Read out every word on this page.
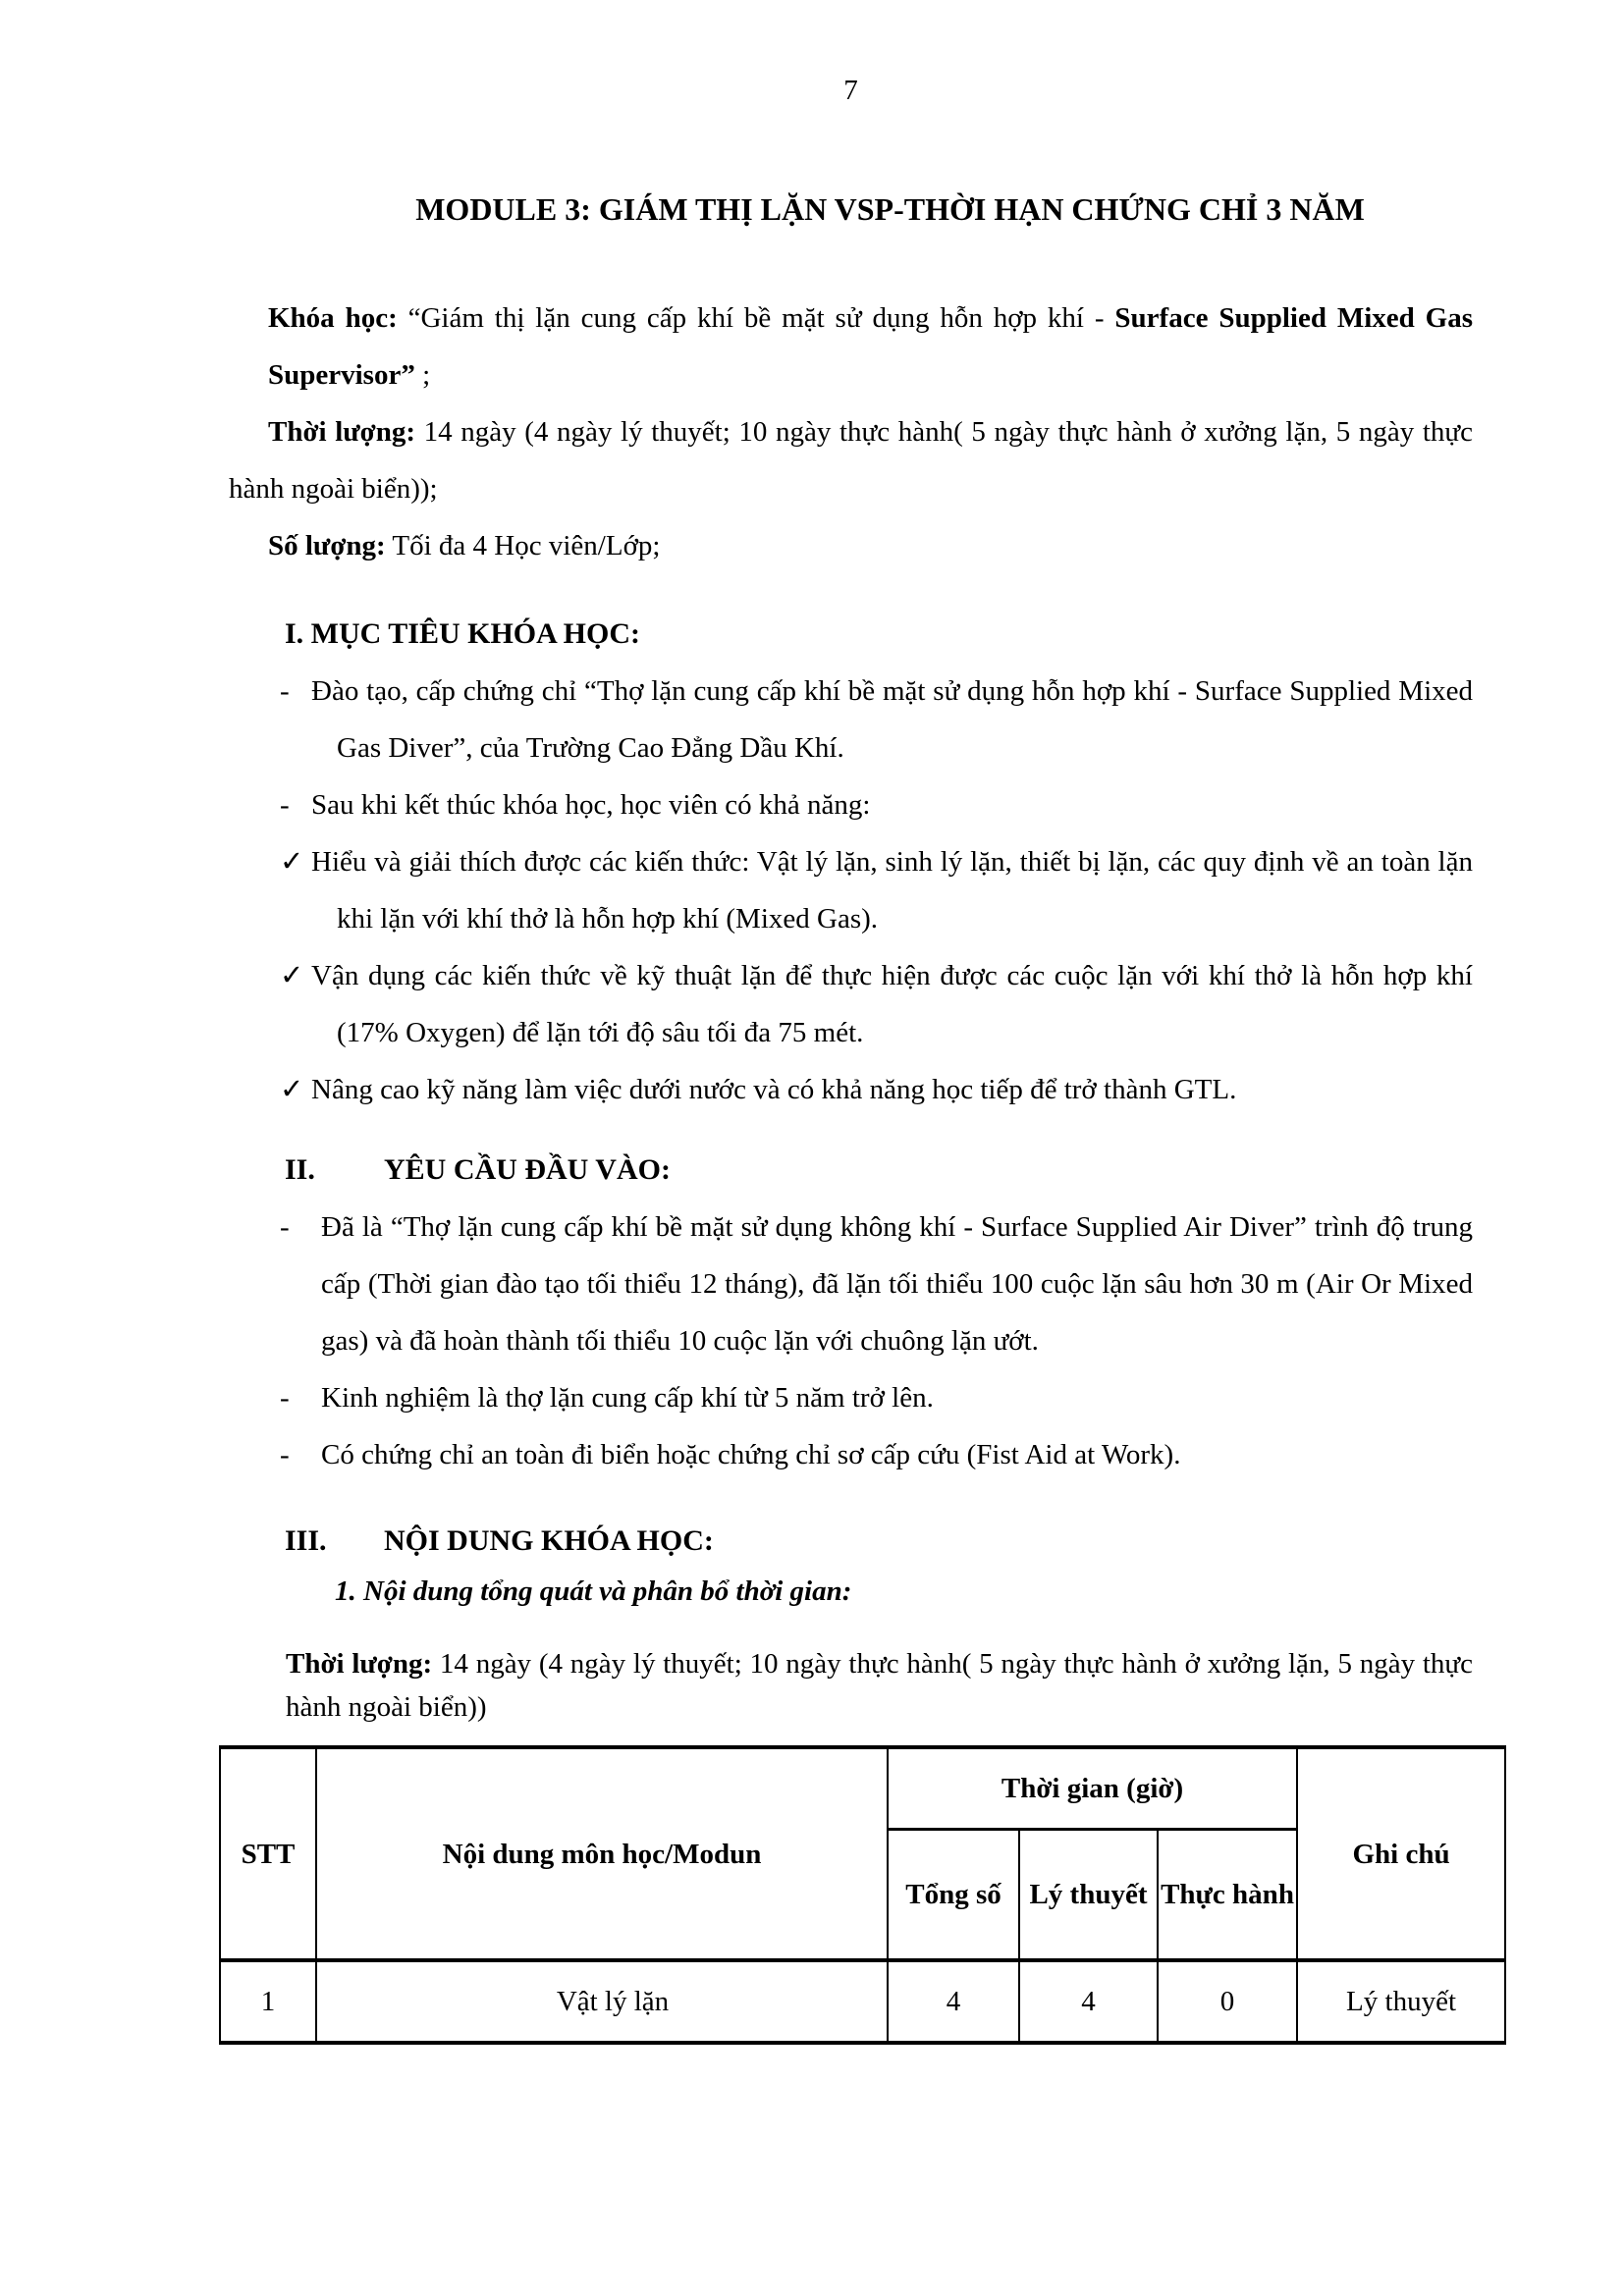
7
MODULE 3: GIÁM THỊ LẶN VSP-THỜI HẠN CHỨNG CHỈ 3 NĂM

Khóa học: “Giám thị lặn cung cấp khí bề mặt sử dụng hỗn hợp khí - Surface Supplied Mixed Gas Supervisor” ;

Thời lượng: 14 ngày (4 ngày lý thuyết; 10 ngày thực hành( 5 ngày thực hành ở xưởng lặn, 5 ngày thực hành ngoài biển));

Số lượng: Tối đa 4 Học viên/Lớp;

I. MỤC TIÊU KHÓA HỌC:
- Đào tạo, cấp chứng chỉ “Thợ lặn cung cấp khí bề mặt sử dụng hỗn hợp khí - Surface Supplied Mixed Gas Diver”, của Trường Cao Đẳng Dầu Khí.
- Sau khi kết thúc khóa học, học viên có khả năng:
✓ Hiểu và giải thích được các kiến thức: Vật lý lặn, sinh lý lặn, thiết bị lặn, các quy định về an toàn lặn khi lặn với khí thở là hỗn hợp khí (Mixed Gas).
✓ Vận dụng các kiến thức về kỹ thuật lặn để thực hiện được các cuộc lặn với khí thở là hỗn hợp khí (17% Oxygen) để lặn tới độ sâu tối đa 75 mét.
✓ Nâng cao kỹ năng làm việc dưới nước và có khả năng học tiếp để trở thành GTL.
II. YÊU CẦU ĐẦU VÀO:
- Đã là “Thợ lặn cung cấp khí bề mặt sử dụng không khí - Surface Supplied Air Diver” trình độ trung cấp (Thời gian đào tạo tối thiểu 12 tháng), đã lặn tối thiểu 100 cuộc lặn sâu hơn 30 m (Air Or Mixed gas) và đã hoàn thành tối thiểu 10 cuộc lặn với chuông lặn ướt.
- Kinh nghiệm là thợ lặn cung cấp khí từ 5 năm trở lên.
- Có chứng chỉ an toàn đi biển hoặc chứng chỉ sơ cấp cứu (Fist Aid at Work).
III. NỘI DUNG KHÓA HỌC:
1. Nội dung tổng quát và phân bổ thời gian:

Thời lượng: 14 ngày (4 ngày lý thuyết; 10 ngày thực hành( 5 ngày thực hành ở xưởng lặn, 5 ngày thực hành ngoài biển))

STT	Nội dung môn học/Modun	Thời gian (giờ)			Ghi chú
		Tổng số	Lý thuyết	Thực hành	
1	Vật lý lặn	4	4	0	Lý thuyết
